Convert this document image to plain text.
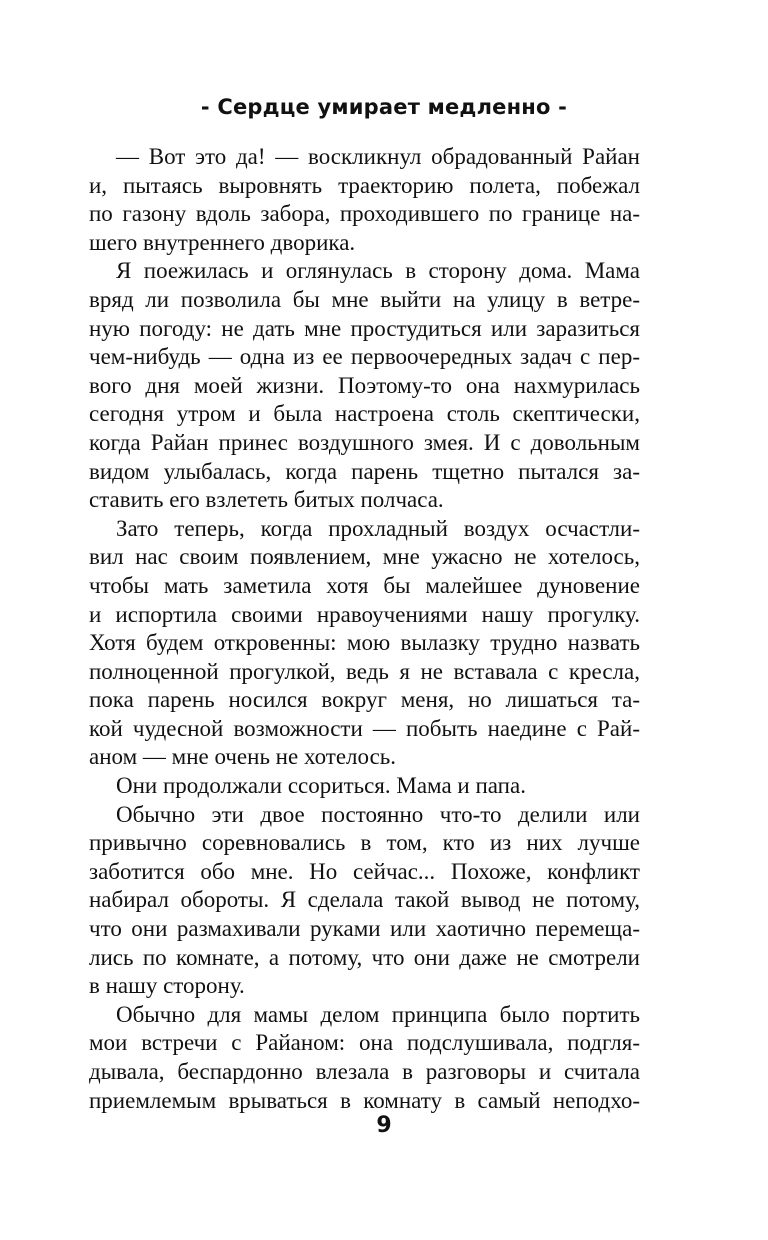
- Сердце умирает медленно -
— Вот это да! — воскликнул обрадованный Райан
и, пытаясь выровнять траекторию полета, побежал
по газону вдоль забора, проходившего по границе на-
шего внутреннего дворика.
Я поежилась и оглянулась в сторону дома. Мама
вряд ли позволила бы мне выйти на улицу в ветре-
ную погоду: не дать мне простудиться или заразиться
чем-нибудь — одна из ее первоочередных задач с пер-
вого дня моей жизни. Поэтому-то она нахмурилась
сегодня утром и была настроена столь скептически,
когда Райан принес воздушного змея. И с довольным
видом улыбалась, когда парень тщетно пытался за-
ставить его взлететь битых полчаса.
Зато теперь, когда прохладный воздух осчастли-
вил нас своим появлением, мне ужасно не хотелось,
чтобы мать заметила хотя бы малейшее дуновение
и испортила своими нравоучениями нашу прогулку.
Хотя будем откровенны: мою вылазку трудно назвать
полноценной прогулкой, ведь я не вставала с кресла,
пока парень носился вокруг меня, но лишаться та-
кой чудесной возможности — побыть наедине с Рай-
аном — мне очень не хотелось.
Они продолжали ссориться. Мама и папа.
Обычно эти двое постоянно что-то делили или
привычно соревновались в том, кто из них лучше
заботится обо мне. Но сейчас... Похоже, конфликт
набирал обороты. Я сделала такой вывод не потому,
что они размахивали руками или хаотично перемеща-
лись по комнате, а потому, что они даже не смотрели
в нашу сторону.
Обычно для мамы делом принципа было портить
мои встречи с Райаном: она подслушивала, подгля-
дывала, беспардонно влезала в разговоры и считала
приемлемым врываться в комнату в самый неподхо-
9
